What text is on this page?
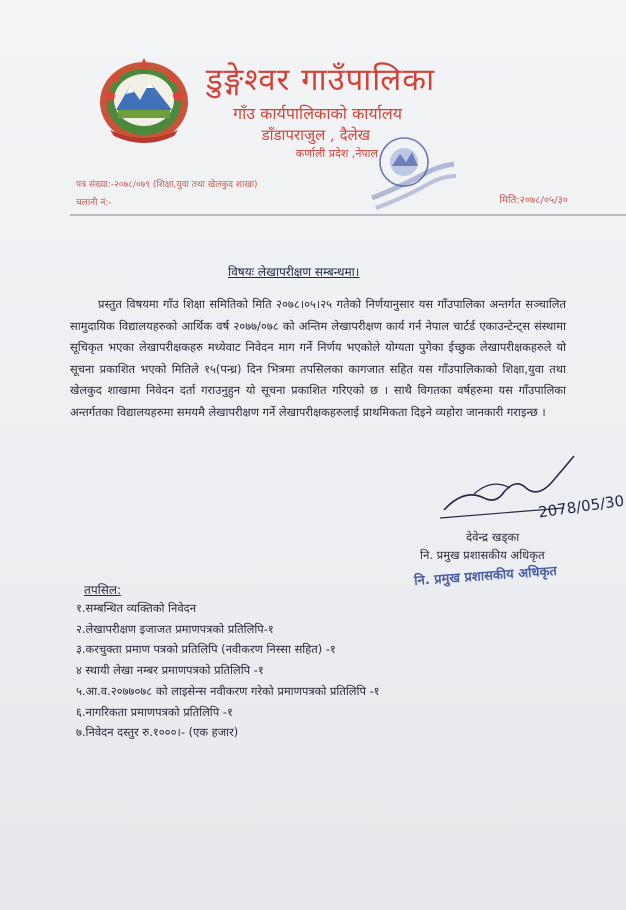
डुङ्गेश्वर गाउँपालिका
गाँउ कार्यपालिकाको कार्यालय
डाँडापराजुल , दैलेख
कर्णाली प्रदेश ,नेपाल
पत्र संख्या:-२०७८/०७९ (शिक्षा,युवा तथा खेलकुद शाखा)
चलानी नं:-	मिति:२०७८/०५/३०
विषयः लेखापरीक्षण सम्बन्धमा।
प्रस्तुत विषयमा गाँउ शिक्षा समितिको मिति २०७८।०५।२५ गतेको निर्णयानुसार यस गाँउपालिका अन्तर्गत सञ्चालित सामुदायिक विद्यालयहरुको आर्थिक वर्ष २०७७/०७८ को अन्तिम लेखापरीक्षण कार्य गर्न नेपाल चार्टर्ड एकाउन्टेन्ट्स संस्थामा सूचिकृत भएका लेखापरीक्षकहरु मध्येवाट निवेदन माग गर्ने निर्णय भएकोले योग्यता पुगेका ईच्छुक लेखापरीक्षकहरुले यो सूचना प्रकाशित भएको मितिले १५(पन्ध्र) दिन भित्रमा तपसिलका कागजात सहित यस गाँउपालिकाको शिक्षा,युवा तथा खेलकुद शाखामा निवेदन दर्ता गराउनुहुन यो सूचना प्रकाशित गरिएको छ । साथै विगतका वर्षहरुमा यस गाँउपालिका अन्तर्गतका विद्यालयहरुमा समयमै लेखापरीक्षण गर्ने लेखापरीक्षकहरुलाई प्राथमिकता दिइने व्यहोरा जानकारी गराइन्छ ।
2078/05/30
देवेन्द्र खड्का
नि. प्रमुख प्रशासकीय अधिकृत
नि. प्रमुख प्रशासकीय अधिकृत
तपसिल:
१.सम्बन्धित व्यक्तिको निवेदन
२.लेखापरीक्षण इजाजत प्रमाणपत्रको प्रतिलिपि-१
३.करचुक्ता प्रमाण पत्रको प्रतिलिपि (नवीकरण निस्सा सहित) -१
४ स्थायी लेखा नम्बर प्रमाणपत्रको प्रतिलिपि -१
५.आ.व.२०७७०७८ को लाइसेन्स नवीकरण गरेको प्रमाणपत्रको प्रतिलिपि -१
६.नागरिकता प्रमाणपत्रको प्रतिलिपि -१
७.निवेदन दस्तुर रु.१०००।- (एक हजार)
